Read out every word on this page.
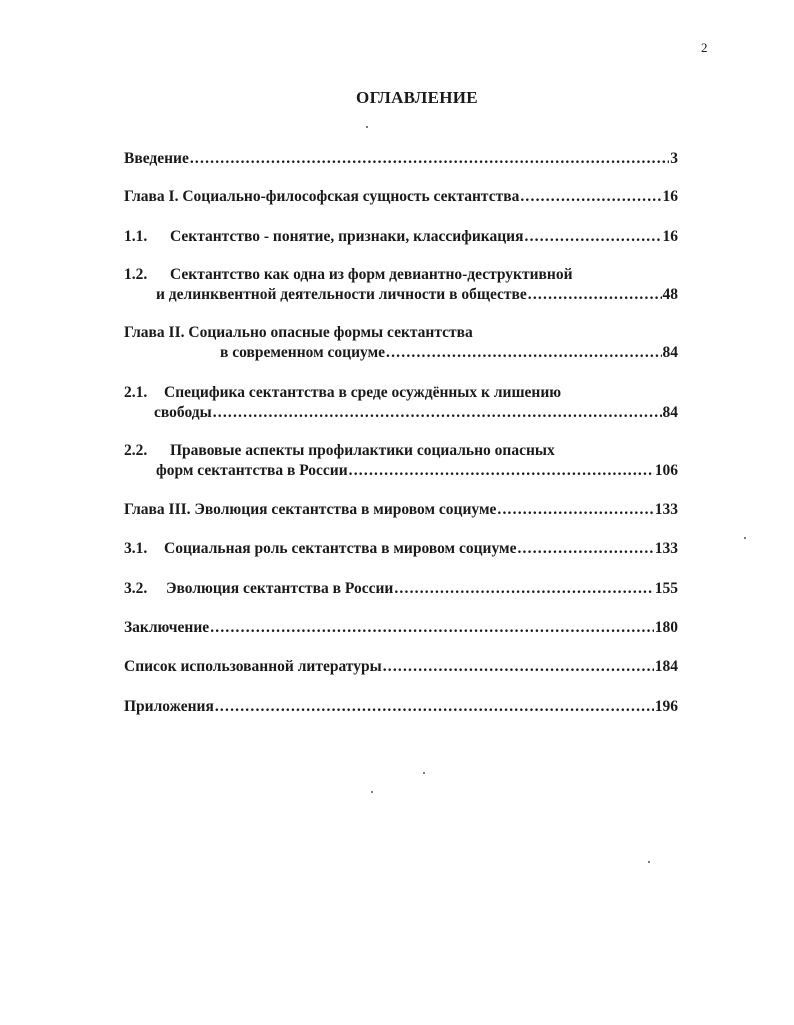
2
ОГЛАВЛЕНИЕ
Введение .....	3
Глава I. Социально-философская сущность сектантства .....	16
1.1. Сектантство - понятие, признаки, классификация .....	16
1.2. Сектантство как одна из форм девиантно-деструктивной
и делинквентной деятельности личности в обществе .....	48
Глава II. Социально опасные формы сектантства
в современном социуме .....	84
2.1. Специфика сектантства в среде осуждённых к лишению
свободы .....	84
2.2. Правовые аспекты профилактики социально опасных
форм сектантства в России .....	106
Глава III. Эволюция сектантства в мировом социуме .....	133
3.1. Социальная роль сектантства в мировом социуме .....	133
3.2. Эволюция сектантства в России .....	155
Заключение .....	180
Список использованной литературы .....	184
Приложения .....	196
